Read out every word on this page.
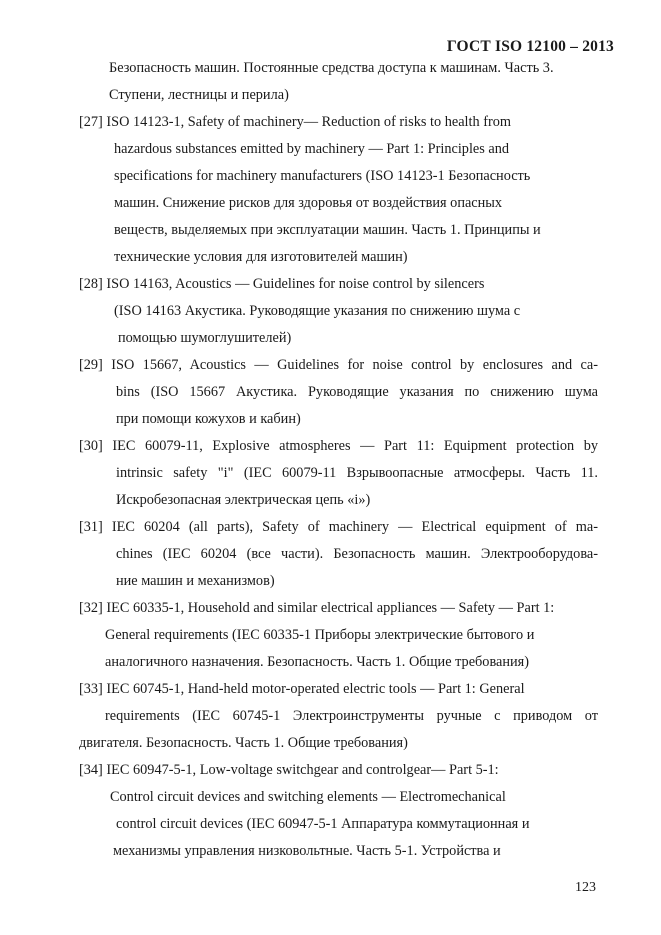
ГОСТ ISO 12100 – 2013
Безопасность машин. Постоянные средства доступа к машинам. Часть 3.
Ступени, лестницы и перила)
[27] ISO 14123-1, Safety of machinery— Reduction of risks to health from
hazardous substances emitted by machinery — Part 1: Principles and
specifications for machinery manufacturers (ISO 14123-1 Безопасность
машин. Снижение рисков для здоровья от воздействия опасных
веществ, выделяемых при эксплуатации машин. Часть 1. Принципы и
технические условия для изготовителей машин)
[28] ISO 14163, Acoustics — Guidelines for noise control by silencers
(ISO 14163 Акустика. Руководящие указания по снижению шума с
помощью шумоглушителей)
[29] ISO 15667, Acoustics — Guidelines for noise control by enclosures and ca-
bins (ISO 15667 Акустика. Руководящие указания по снижению шума
при помощи кожухов и кабин)
[30] IEC 60079-11, Explosive atmospheres — Part 11: Equipment protection by
intrinsic safety "i" (IEC 60079-11 Взрывоопасные атмосферы. Часть 11.
Искробезопасная электрическая цепь «i»)
[31] IEC 60204 (all parts), Safety of machinery — Electrical equipment of ma-
chines (IEC 60204 (все части). Безопасность машин. Электрооборудова-
ние машин и механизмов)
[32] IEC 60335-1, Household and similar electrical appliances — Safety — Part 1:
General requirements (IEC 60335-1 Приборы электрические бытового и
аналогичного назначения. Безопасность. Часть 1. Общие требования)
[33] IEC 60745-1, Hand-held motor-operated electric tools — Part 1: General
requirements (IEC 60745-1 Электроинструменты ручные с приводом от
двигателя. Безопасность. Часть 1. Общие требования)
[34] IEC 60947-5-1, Low-voltage switchgear and controlgear— Part 5-1:
Control circuit devices and switching elements — Electromechanical
control circuit devices (IEC 60947-5-1 Аппаратура коммутационная и
механизмы управления низковольтные. Часть 5-1. Устройства и
123
